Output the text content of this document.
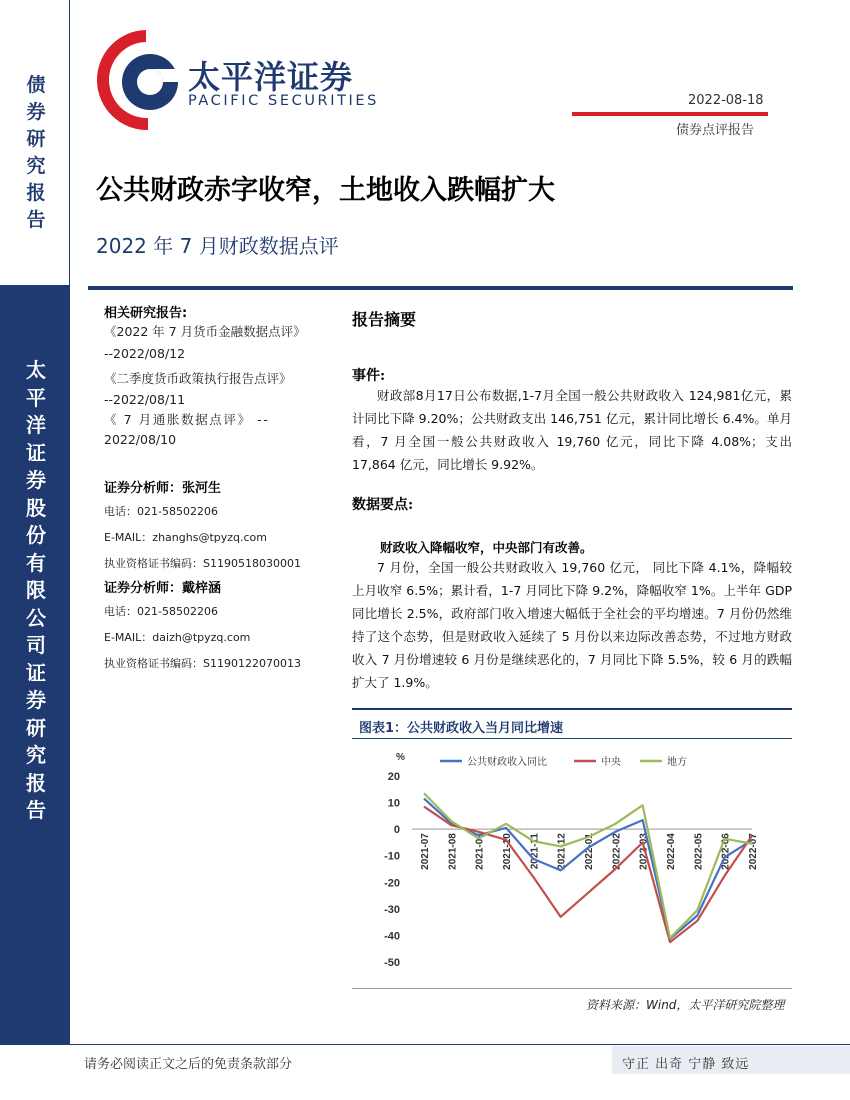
债券研究报告
太平洋证券股份有限公司证券研究报告
太平洋证券
PACIFIC SECURITIES	2022-08-18
债券点评报告
公共财政赤字收窄，土地收入跌幅扩大
2022 年 7 月财政数据点评
相关研究报告:
《2022 年 7 月货币金融数据点评》
--2022/08/12
《二季度货币政策执行报告点评》
--2022/08/11
《 7 月通胀数据点评》 --
2022/08/10
证券分析师：张河生
电话：021-58502206
E-MAIL：zhanghs@tpyzq.com
执业资格证书编码：S1190518030001
证券分析师：戴梓涵
电话：021-58502206
E-MAIL：daizh@tpyzq.com
执业资格证书编码：S1190122070013
报告摘要
事件:
财政部8月17日公布数据,1-7月全国一般公共财政收入 124,981亿元，累计同比下降 9.20%；公共财政支出 146,751 亿元，累计同比增长 6.4%。单月看，7 月全国一般公共财政收入 19,760 亿元，同比下降 4.08%；支出 17,864 亿元，同比增长 9.92%。
数据要点:
财政收入降幅收窄，中央部门有改善。
7 月份，全国一般公共财政收入 19,760 亿元， 同比下降 4.1%，降幅较上月收窄 6.5%；累计看，1-7 月同比下降 9.2%，降幅收窄 1%。上半年 GDP 同比增长 2.5%，政府部门收入增速大幅低于全社会的平均增速。7 月份仍然维持了这个态势，但是财政收入延续了 5 月份以来边际改善态势，不过地方财政收入 7 月份增速较 6 月份是继续恶化的，7 月同比下降 5.5%，较 6 月的跌幅扩大了 1.9%。
图表1：公共财政收入当月同比增速
20
10
0
-10
-20
-30
-40
-50
2021-07 2021-08 2021-09 2021-10 2021-11 2021-12 2022-01 2022-02 2022-03 2022-04 2022-05 2022-06 2022-07
公共财政收入同比	中央	地方
%
资料来源：Wind，太平洋研究院整理
请务必阅读正文之后的免责条款部分	守正 出奇 宁静 致远
